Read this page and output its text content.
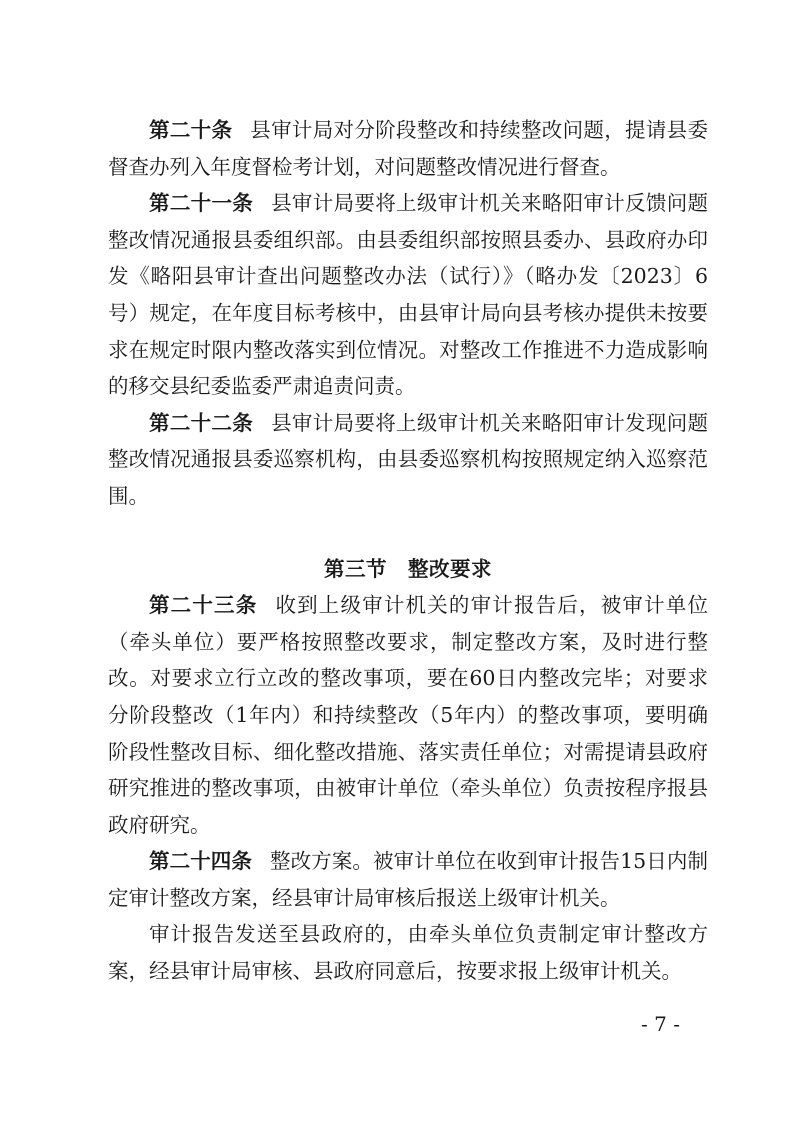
第二十条 县审计局对分阶段整改和持续整改问题，提请县委督查办列入年度督检考计划，对问题整改情况进行督查。

第二十一条 县审计局要将上级审计机关来略阳审计反馈问题整改情况通报县委组织部。由县委组织部按照县委办、县政府办印发《略阳县审计查出问题整改办法（试行）》（略办发〔2023〕6号）规定，在年度目标考核中，由县审计局向县考核办提供未按要求在规定时限内整改落实到位情况。对整改工作推进不力造成影响的移交县纪委监委严肃追责问责。

第二十二条 县审计局要将上级审计机关来略阳审计发现问题整改情况通报县委巡察机构，由县委巡察机构按照规定纳入巡察范围。

第三节　整改要求

第二十三条 收到上级审计机关的审计报告后，被审计单位（牵头单位）要严格按照整改要求，制定整改方案，及时进行整改。对要求立行立改的整改事项，要在60日内整改完毕；对要求分阶段整改（1年内）和持续整改（5年内）的整改事项，要明确阶段性整改目标、细化整改措施、落实责任单位；对需提请县政府研究推进的整改事项，由被审计单位（牵头单位）负责按程序报县政府研究。

第二十四条 整改方案。被审计单位在收到审计报告15日内制定审计整改方案，经县审计局审核后报送上级审计机关。

审计报告发送至县政府的，由牵头单位负责制定审计整改方案，经县审计局审核、县政府同意后，按要求报上级审计机关。

- 7 -
